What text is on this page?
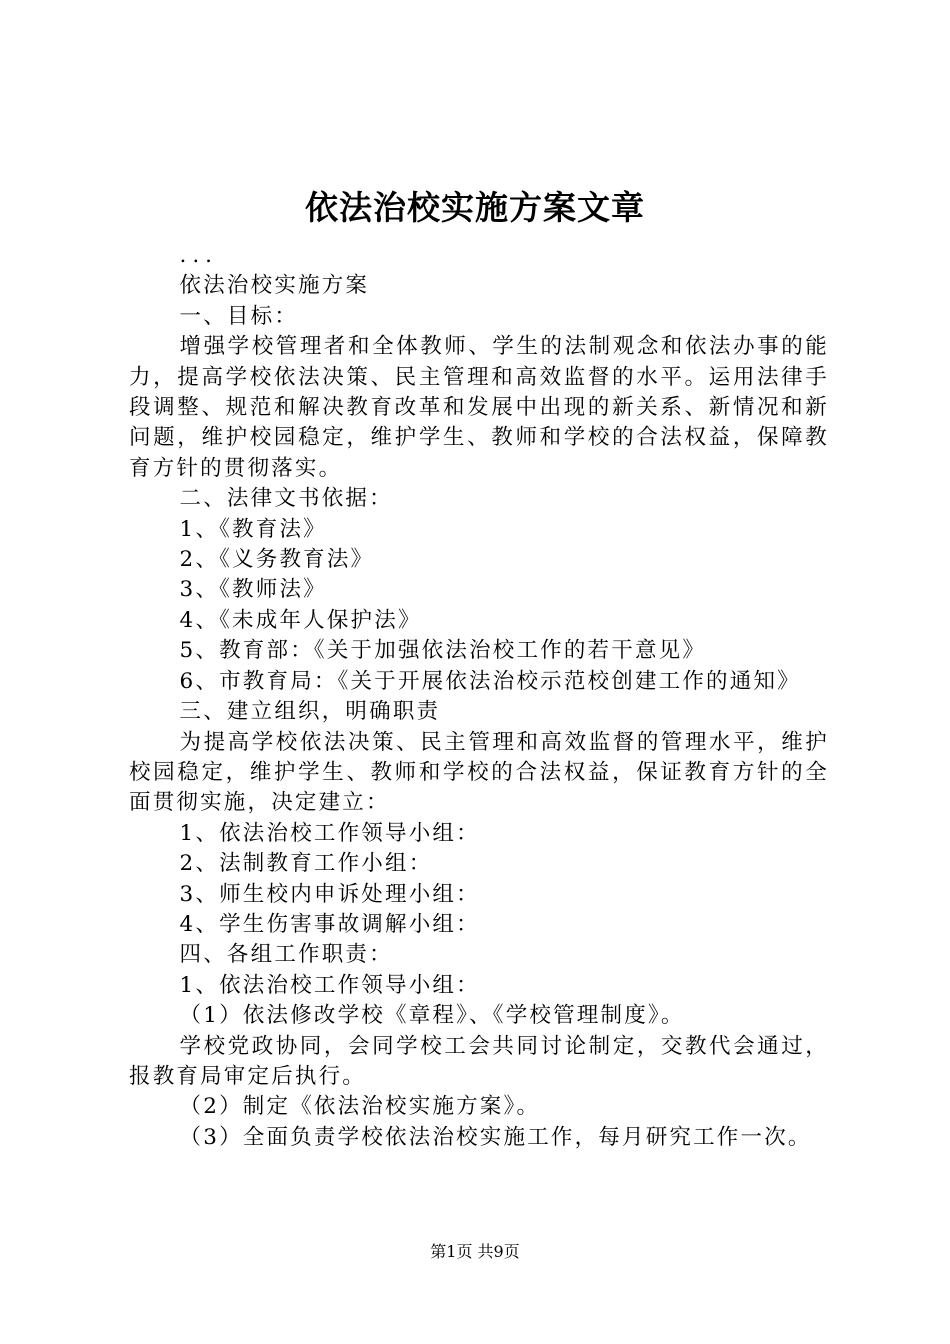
依法治校实施方案文章

...

依法治校实施方案

一、目标：

增强学校管理者和全体教师、学生的法制观念和依法办事的能力，提高学校依法决策、民主管理和高效监督的水平。运用法律手段调整、规范和解决教育改革和发展中出现的新关系、新情况和新问题，维护校园稳定，维护学生、教师和学校的合法权益，保障教育方针的贯彻落实。

二、法律文书依据：

1、《教育法》

2、《义务教育法》

3、《教师法》

4、《未成年人保护法》

5、教育部：《关于加强依法治校工作的若干意见》

6、市教育局：《关于开展依法治校示范校创建工作的通知》

三、建立组织，明确职责

为提高学校依法决策、民主管理和高效监督的管理水平，维护校园稳定，维护学生、教师和学校的合法权益，保证教育方针的全面贯彻实施，决定建立：

1、依法治校工作领导小组：

2、法制教育工作小组：

3、师生校内申诉处理小组：

4、学生伤害事故调解小组：

四、各组工作职责：

1、依法治校工作领导小组：

（1）依法修改学校《章程》、《学校管理制度》。

学校党政协同，会同学校工会共同讨论制定，交教代会通过，报教育局审定后执行。

（2）制定《依法治校实施方案》。

（3）全面负责学校依法治校实施工作，每月研究工作一次。

第1页 共9页
